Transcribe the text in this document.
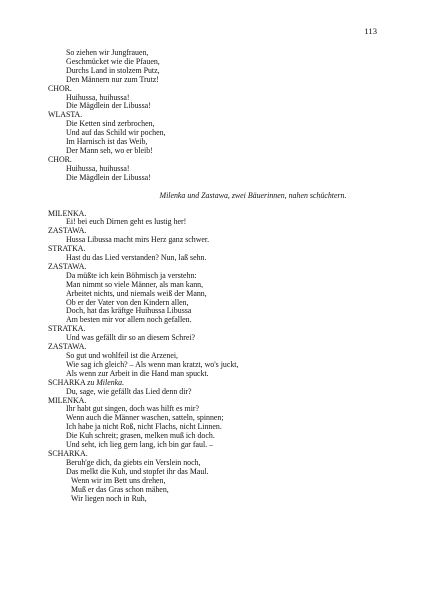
113
So ziehen wir Jungfrauen,
Geschmücket wie die Pfauen,
Durchs Land in stolzem Putz,
Den Männern nur zum Trutz!
CHOR.
Huihussa, huihussa!
Die Mägdlein der Libussa!
WLASTA.
Die Ketten sind zerbrochen,
Und auf das Schild wir pochen,
Im Harnisch ist das Weib,
Der Mann seh, wo er bleib!
CHOR.
Huihussa, huihussa!
Die Mägdlein der Libussa!
Milenka und Zastawa, zwei Bäuerinnen, nahen schüchtern.
MILENKA.
Ei! bei euch Dirnen geht es lustig her!
ZASTAWA.
Hussa Libussa macht mirs Herz ganz schwer.
STRATKA.
Hast du das Lied verstanden? Nun, laß sehn.
ZASTAWA.
Da müßte ich kein Böhmisch ja verstehn:
Man nimmt so viele Männer, als man kann,
Arbeitet nichts, und niemals weiß der Mann,
Ob er der Vater von den Kindern allen,
Doch, hat das kräftge Huihussa Libussa
Am besten mir vor allem noch gefallen.
STRATKA.
Und was gefällt dir so an diesem Schrei?
ZASTAWA.
So gut und wohlfeil ist die Arzenei,
Wie sag ich gleich? – Als wenn man kratzt, wo's juckt,
Als wenn zur Arbeit in die Hand man spuckt.
SCHARKA zu Milenka.
Du, sage, wie gefällt das Lied denn dir?
MILENKA.
Ihr habt gut singen, doch was hilft es mir?
Wenn auch die Männer waschen, satteln, spinnen;
Ich habe ja nicht Roß, nicht Flachs, nicht Linnen.
Die Kuh schreit; grasen, melken muß ich doch.
Und seht, ich lieg gern lang, ich bin gar faul. –
SCHARKA.
Beruh'ge dich, da giebts ein Verslein noch,
Das melkt die Kuh, und stopfet ihr das Maul.
Wenn wir im Bett uns drehen,
Muß er das Gras schon mähen,
Wir liegen noch in Ruh,
